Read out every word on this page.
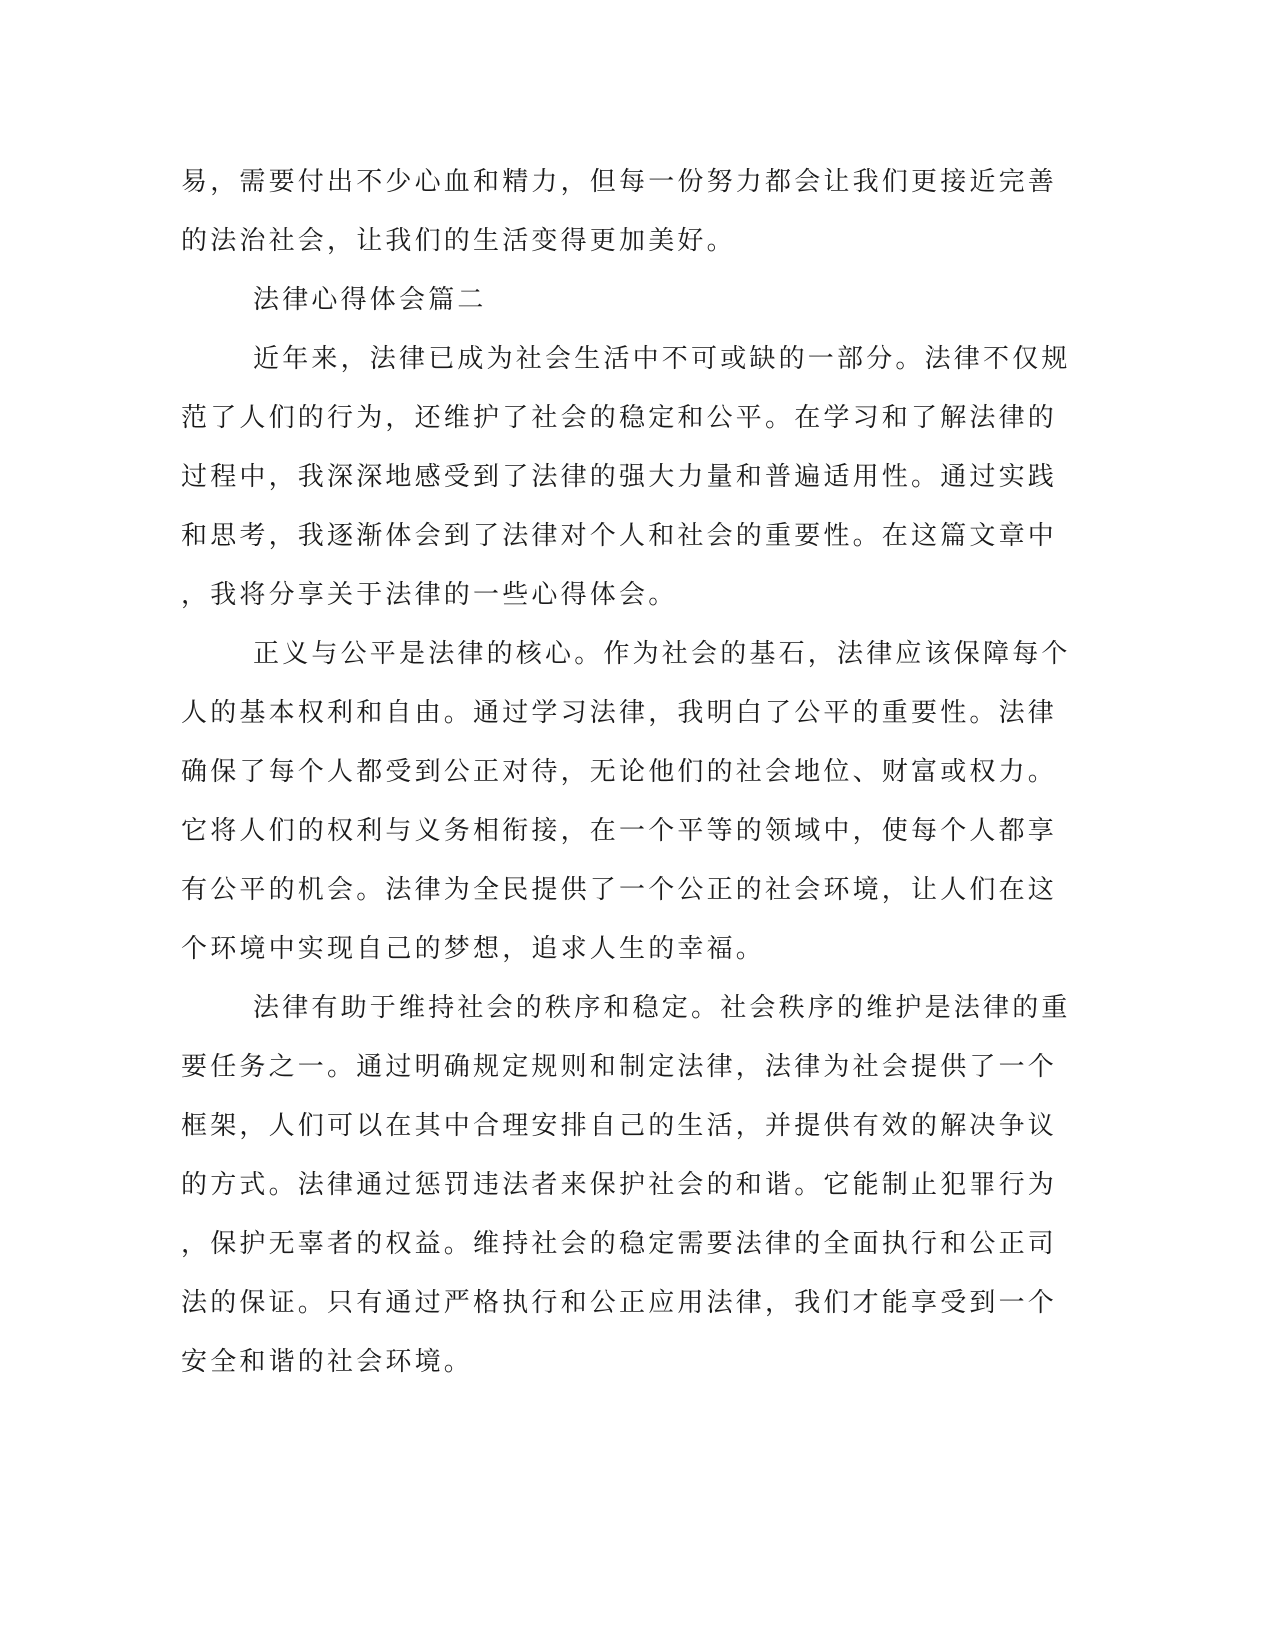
易，需要付出不少心血和精力，但每一份努力都会让我们更接近完善

的法治社会，让我们的生活变得更加美好。

法律心得体会篇二

近年来，法律已成为社会生活中不可或缺的一部分。法律不仅规

范了人们的行为，还维护了社会的稳定和公平。在学习和了解法律的

过程中，我深深地感受到了法律的强大力量和普遍适用性。通过实践

和思考，我逐渐体会到了法律对个人和社会的重要性。在这篇文章中

，我将分享关于法律的一些心得体会。

正义与公平是法律的核心。作为社会的基石，法律应该保障每个

人的基本权利和自由。通过学习法律，我明白了公平的重要性。法律

确保了每个人都受到公正对待，无论他们的社会地位、财富或权力。

它将人们的权利与义务相衔接，在一个平等的领域中，使每个人都享

有公平的机会。法律为全民提供了一个公正的社会环境，让人们在这

个环境中实现自己的梦想，追求人生的幸福。

法律有助于维持社会的秩序和稳定。社会秩序的维护是法律的重

要任务之一。通过明确规定规则和制定法律，法律为社会提供了一个

框架，人们可以在其中合理安排自己的生活，并提供有效的解决争议

的方式。法律通过惩罚违法者来保护社会的和谐。它能制止犯罪行为

，保护无辜者的权益。维持社会的稳定需要法律的全面执行和公正司

法的保证。只有通过严格执行和公正应用法律，我们才能享受到一个

安全和谐的社会环境。
